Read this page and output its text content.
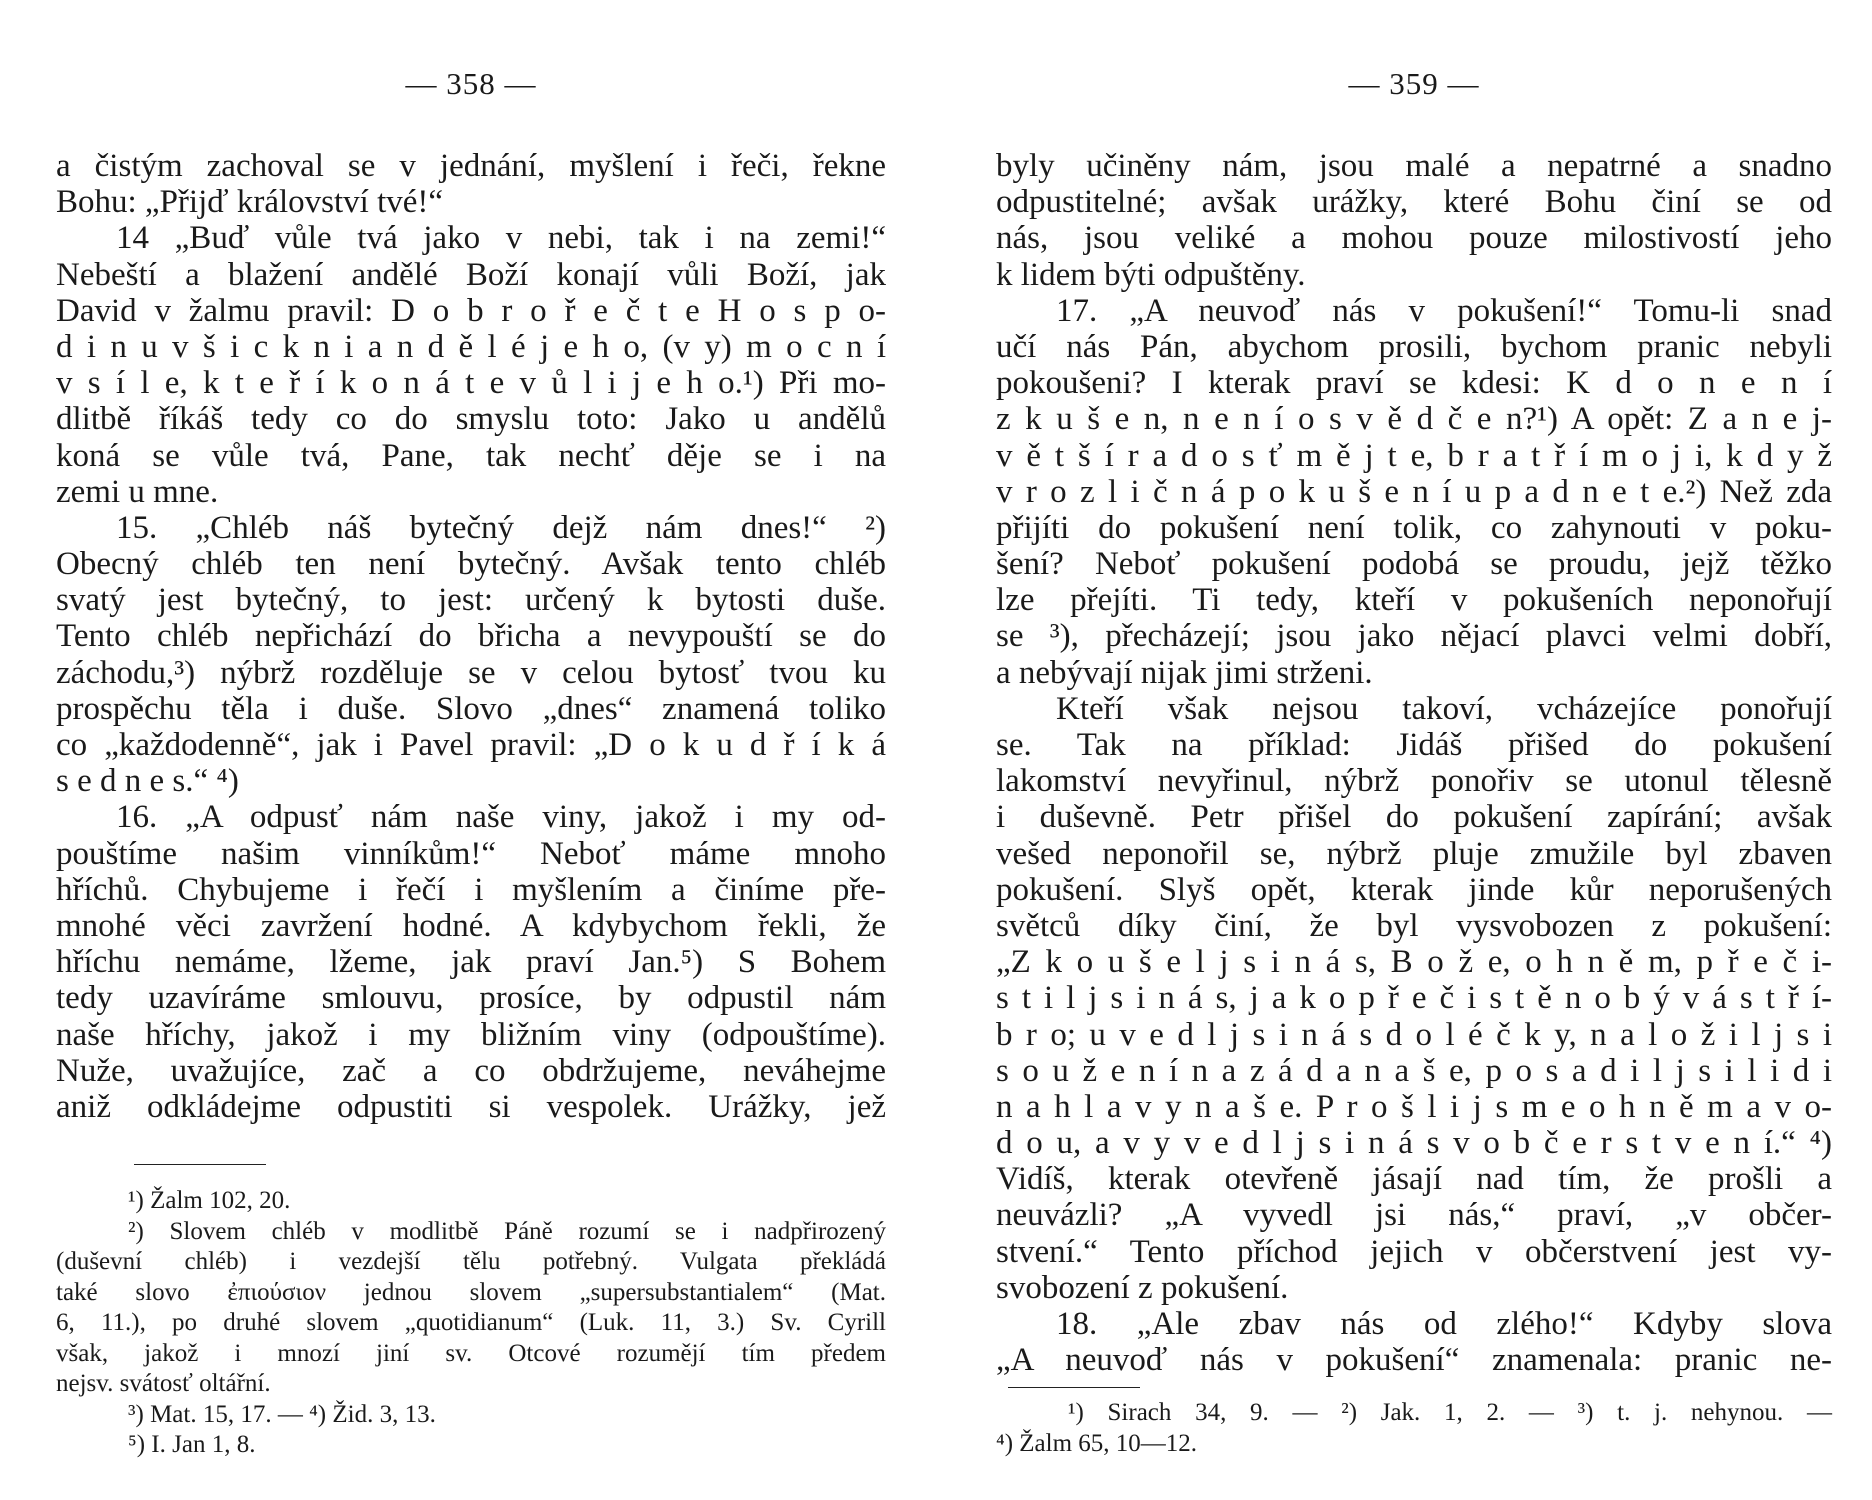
— 358 —
a čistým zachoval se v jednání, myšlení i řeči, řekne
Bohu: „Přijď království tvé!“
14 „Buď vůle tvá jako v nebi, tak i na zemi!“
Nebeští a blažení andělé Boží konají vůli Boží, jak
David v žalmu pravil: D o b r o ř e č t e H o s p o-
d i n u v š i c k n i a n d ě l é j e h o, (v y) m o c n í
v s í l e, k t e ř í k o n á t e v ů l i j e h o.¹) Při mo-
dlitbě říkáš tedy co do smyslu toto: Jako u andělů
koná se vůle tvá, Pane, tak nechť děje se i na
zemi u mne.
15. „Chléb náš bytečný dejž nám dnes!“ ²)
Obecný chléb ten není bytečný. Avšak tento chléb
svatý jest bytečný, to jest: určený k bytosti duše.
Tento chléb nepřichází do břicha a nevypouští se do
záchodu,³) nýbrž rozděluje se v celou bytosť tvou ku
prospěchu těla i duše. Slovo „dnes“ znamená toliko
co „každodenně“, jak i Pavel pravil: „D o k u d ř í k á
s e d n e s.“ ⁴)
16. „A odpusť nám naše viny, jakož i my od-
pouštíme našim vinníkům!“ Neboť máme mnoho
hříchů. Chybujeme i řečí i myšlením a činíme pře-
mnohé věci zavržení hodné. A kdybychom řekli, že
hříchu nemáme, lžeme, jak praví Jan.⁵) S Bohem
tedy uzavíráme smlouvu, prosíce, by odpustil nám
naše hříchy, jakož i my bližním viny (odpouštíme).
Nuže, uvažujíce, zač a co obdržujeme, neváhejme
aniž odkládejme odpustiti si vespolek. Urážky, jež
¹) Žalm 102, 20.
²) Slovem chléb v modlitbě Páně rozumí se i nadpřirozený
(duševní chléb) i vezdejší tělu potřebný. Vulgata překládá
také slovo ἐπιούσιον jednou slovem „supersubstantialem“ (Mat.
6, 11.), po druhé slovem „quotidianum“ (Luk. 11, 3.) Sv. Cyrill
však, jakož i mnozí jiní sv. Otcové rozumějí tím předem
nejsv. svátosť oltářní.
³) Mat. 15, 17. — ⁴) Žid. 3, 13.
⁵) I. Jan 1, 8.
— 359 —
byly učiněny nám, jsou malé a nepatrné a snadno
odpustitelné; avšak urážky, které Bohu činí se od
nás, jsou veliké a mohou pouze milostivostí jeho
k lidem býti odpuštěny.
17. „A neuvoď nás v pokušení!“ Tomu-li snad
učí nás Pán, abychom prosili, bychom pranic nebyli
pokoušeni? I kterak praví se kdesi: K d o n e n í
z k u š e n, n e n í o s v ě d č e n?¹) A opět: Z a n e j-
v ě t š í r a d o s ť m ě j t e, b r a t ř í m o j i, k d y ž
v r o z l i č n á p o k u š e n í u p a d n e t e.²) Než zda
přijíti do pokušení není tolik, co zahynouti v poku-
šení? Neboť pokušení podobá se proudu, jejž těžko
lze přejíti. Ti tedy, kteří v pokušeních neponořují
se ³), přecházejí; jsou jako nějací plavci velmi dobří,
a nebývají nijak jimi strženi.
Kteří však nejsou takoví, vcházejíce ponořují
se. Tak na příklad: Jidáš přišed do pokušení
lakomství nevyřinul, nýbrž ponořiv se utonul tělesně
i duševně. Petr přišel do pokušení zapírání; avšak
vešed neponořil se, nýbrž pluje zmužile byl zbaven
pokušení. Slyš opět, kterak jinde kůr neporušených
světců díky činí, že byl vysvobozen z pokušení:
„Z k o u š e l j s i n á s, B o ž e, o h n ě m, p ř e č i-
s t i l j s i n á s, j a k o p ř e č i s t ě n o b ý v á s t ř í-
b r o; u v e d l j s i n á s d o l é č k y, n a l o ž i l j s i
s o u ž e n í n a z á d a n a š e, p o s a d i l j s i l i d i
n a h l a v y n a š e. P r o š l i j s m e o h n ě m a v o-
d o u, a v y v e d l j s i n á s v o b č e r s t v e n í.“ ⁴)
Vidíš, kterak otevřeně jásají nad tím, že prošli a
neuvázli? „A vyvedl jsi nás,“ praví, „v občer-
stvení.“ Tento příchod jejich v občerstvení jest vy-
svobození z pokušení.
18. „Ale zbav nás od zlého!“ Kdyby slova
„A neuvoď nás v pokušení“ znamenala: pranic ne-
¹) Sirach 34, 9. — ²) Jak. 1, 2. — ³) t. j. nehynou. —
⁴) Žalm 65, 10—12.
